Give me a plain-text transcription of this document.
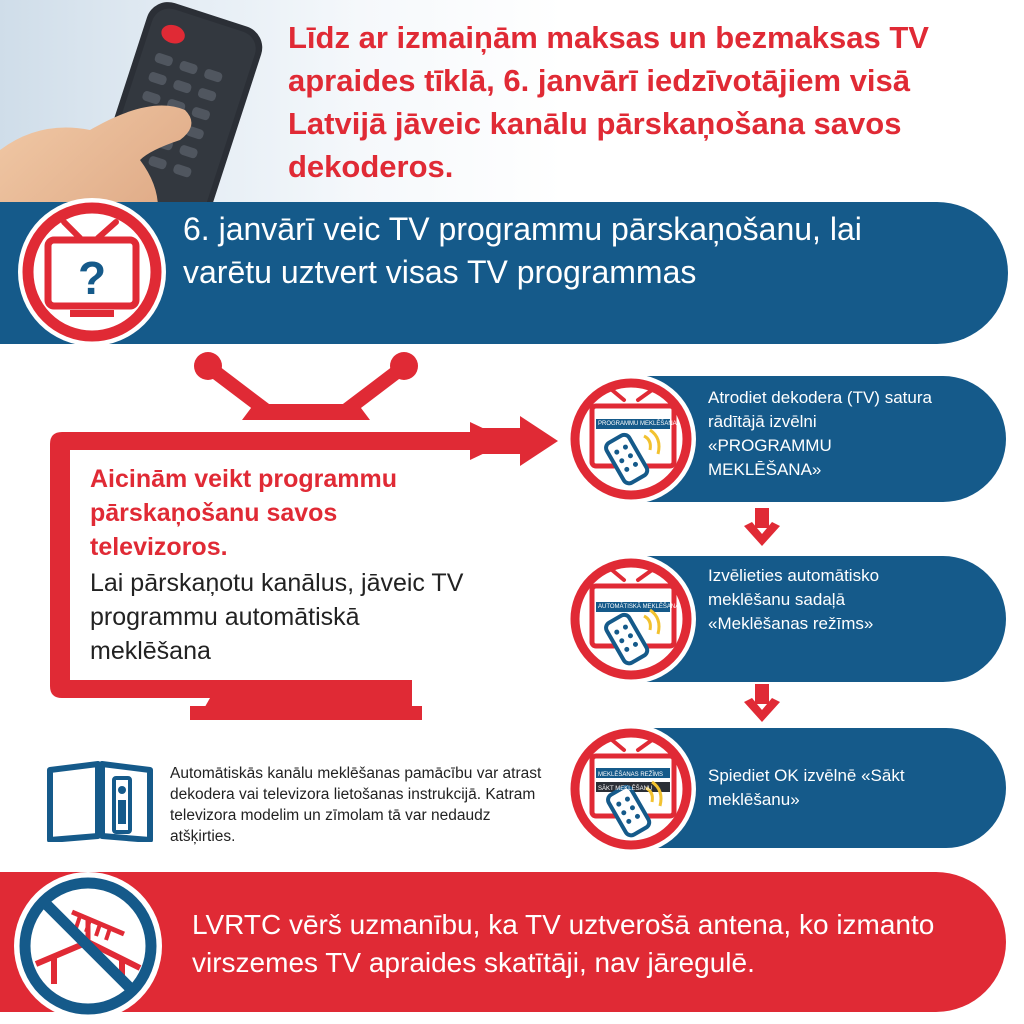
Līdz ar izmaiņām maksas un bezmaksas TV apraides tīklā, 6. janvārī iedzīvotājiem visā Latvijā jāveic kanālu pārskaņošana savos dekoderos.

?

6. janvārī veic TV programmu pārskaņošanu, lai varētu uztvert visas TV programmas

Aicinām veikt programmu pārskaņošanu savos televizoros.

Lai pārskaņotu kanālus, jāveic TV programmu automātiskā meklēšana

PROGRAMMU MEKLĒŠANA

Atrodiet dekodera (TV) satura rādītājā izvēlni «PROGRAMMU MEKLĒŠANA»

AUTOMĀTISKĀ MEKLĒŠANA

Izvēlieties automātisko meklēšanu sadaļā «Meklēšanas režīms»

MEKLĒŠANAS REŽĪMS
SĀKT MEKLĒŠANU

Spiediet OK izvēlnē «Sākt meklēšanu»

Automātiskās kanālu meklēšanas pamācību var atrast dekodera vai televizora lietošanas instrukcijā. Katram televizora modelim un zīmolam tā var nedaudz atšķirties.

LVRTC vērš uzmanību, ka TV uztverošā antena, ko izmanto virszemes TV apraides skatītāji, nav jāregulē.
